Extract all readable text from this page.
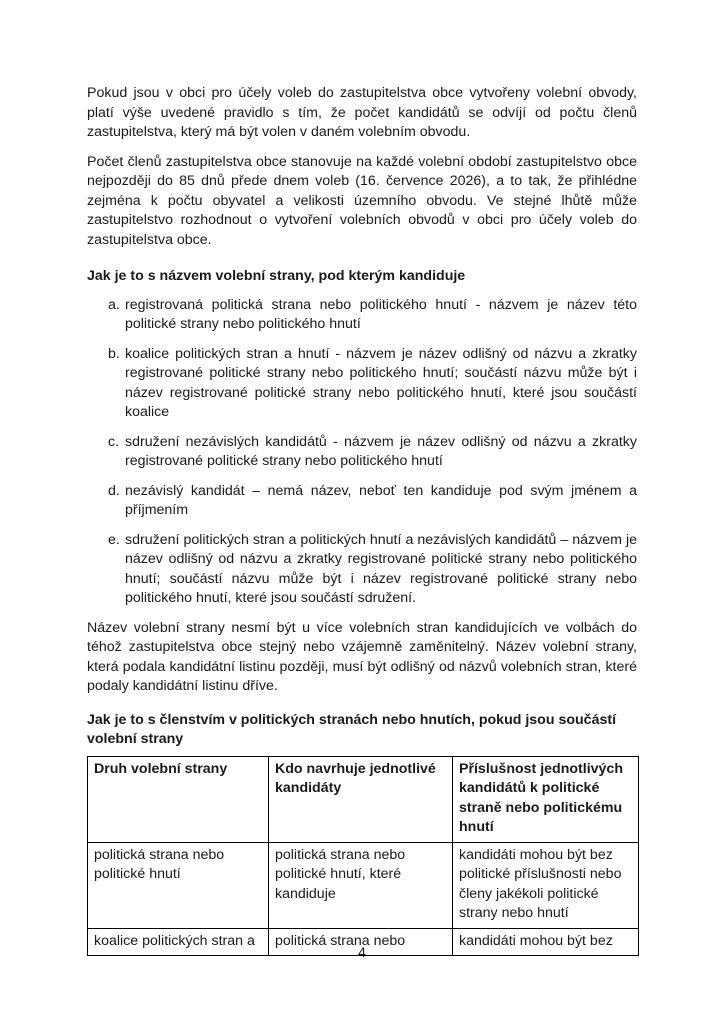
Pokud jsou v obci pro účely voleb do zastupitelstva obce vytvořeny volební obvody, platí výše uvedené pravidlo s tím, že počet kandidátů se odvíjí od počtu členů zastupitelstva, který má být volen v daném volebním obvodu.

Počet členů zastupitelstva obce stanovuje na každé volební období zastupitelstvo obce nejpozději do 85 dnů přede dnem voleb (16. července 2026), a to tak, že přihlédne zejména k počtu obyvatel a velikosti územního obvodu. Ve stejné lhůtě může zastupitelstvo rozhodnout o vytvoření volebních obvodů v obci pro účely voleb do zastupitelstva obce.

Jak je to s názvem volební strany, pod kterým kandiduje
a. registrovaná politická strana nebo politického hnutí - názvem je název této politické strany nebo politického hnutí
b. koalice politických stran a hnutí - názvem je název odlišný od názvu a zkratky registrované politické strany nebo politického hnutí; součástí názvu může být i název registrované politické strany nebo politického hnutí, které jsou součástí koalice
c. sdružení nezávislých kandidátů - názvem je název odlišný od názvu a zkratky registrované politické strany nebo politického hnutí
d. nezávislý kandidát – nemá název, neboť ten kandiduje pod svým jménem a příjmením
e. sdružení politických stran a politických hnutí a nezávislých kandidátů – názvem je název odlišný od názvu a zkratky registrované politické strany nebo politického hnutí; součástí názvu může být i název registrované politické strany nebo politického hnutí, které jsou součástí sdružení.

Název volební strany nesmí být u více volebních stran kandidujících ve volbách do téhož zastupitelstva obce stejný nebo vzájemně zaměnitelný. Název volební strany, která podala kandidátní listinu později, musí být odlišný od názvů volebních stran, které podaly kandidátní listinu dříve.

Jak je to s členstvím v politických stranách nebo hnutích, pokud jsou součástí volební strany
Druh volební strany	Kdo navrhuje jednotlivé kandidáty	Příslušnost jednotlivých kandidátů k politické straně nebo politickému hnutí
politická strana nebo politické hnutí	politická strana nebo politické hnutí, které kandiduje	kandidáti mohou být bez politické příslušnosti nebo členy jakékoli politické strany nebo hnutí
koalice politických stran a	politická strana nebo	kandidáti mohou být bez
4
